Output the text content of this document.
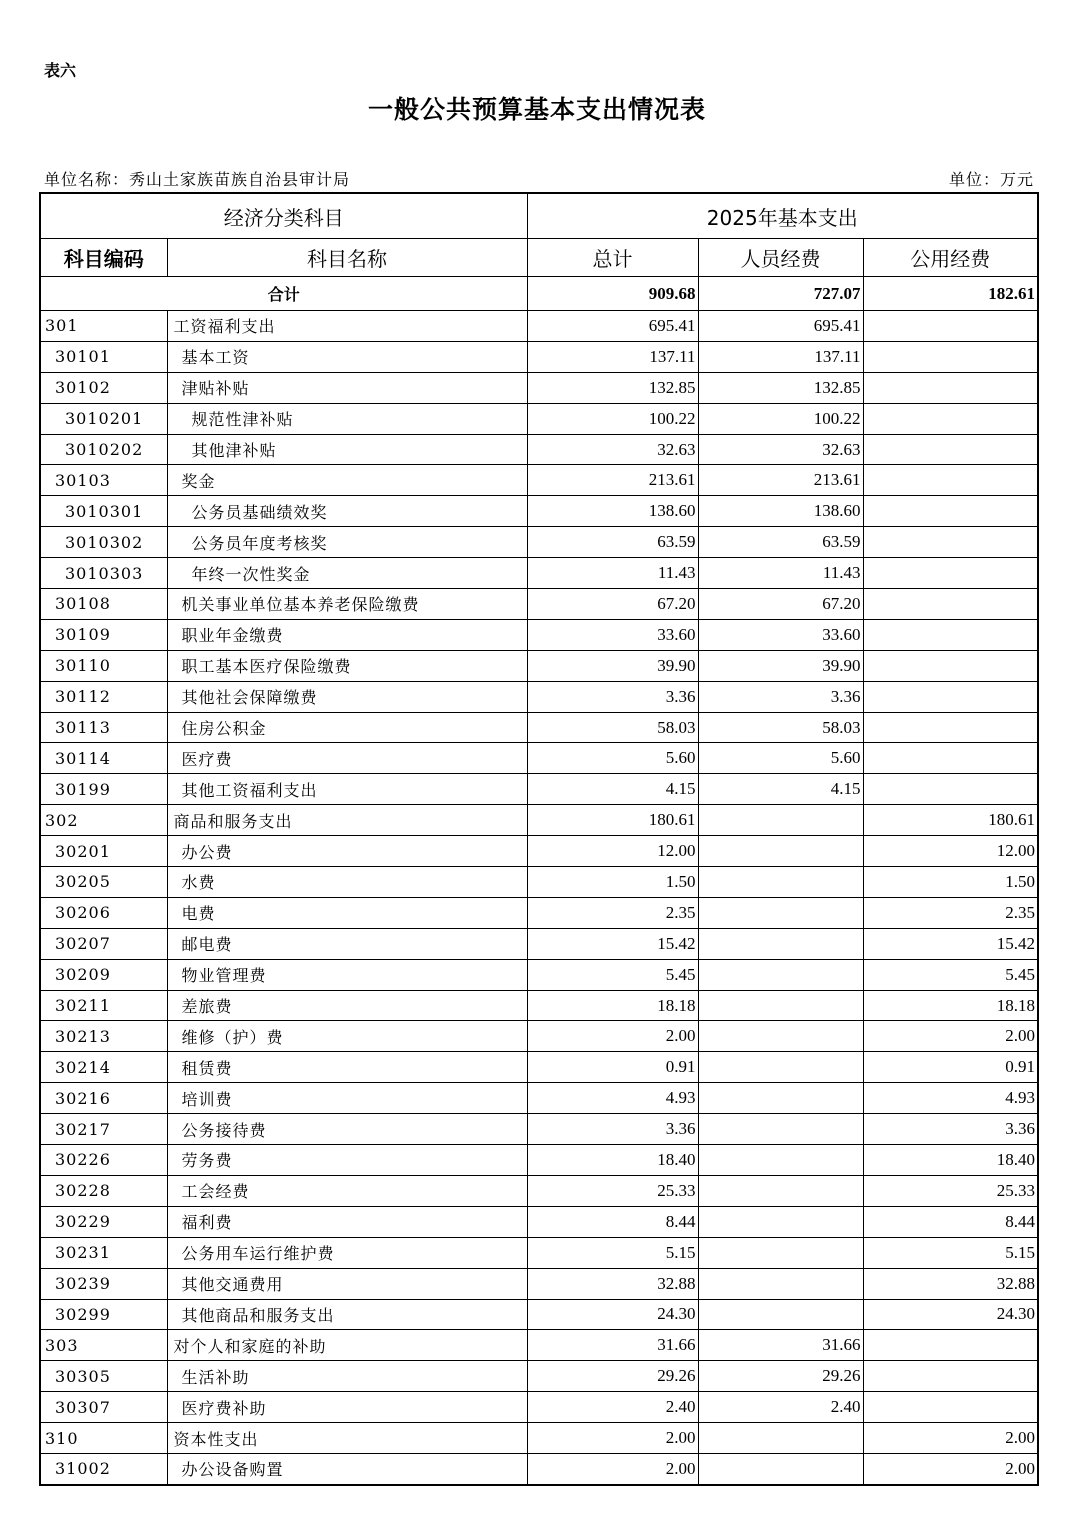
表六
一般公共预算基本支出情况表
单位名称：秀山土家族苗族自治县审计局	单位：万元
经济分类科目		2025年基本支出		
科目编码	科目名称	总计	人员经费	公用经费
合计		909.68	727.07	182.61
301	工资福利支出	695.41	695.41	
30101	基本工资	137.11	137.11	
30102	津贴补贴	132.85	132.85	
3010201	规范性津补贴	100.22	100.22	
3010202	其他津补贴	32.63	32.63	
30103	奖金	213.61	213.61	
3010301	公务员基础绩效奖	138.60	138.60	
3010302	公务员年度考核奖	63.59	63.59	
3010303	年终一次性奖金	11.43	11.43	
30108	机关事业单位基本养老保险缴费	67.20	67.20	
30109	职业年金缴费	33.60	33.60	
30110	职工基本医疗保险缴费	39.90	39.90	
30112	其他社会保障缴费	3.36	3.36	
30113	住房公积金	58.03	58.03	
30114	医疗费	5.60	5.60	
30199	其他工资福利支出	4.15	4.15	
302	商品和服务支出	180.61		180.61
30201	办公费	12.00		12.00
30205	水费	1.50		1.50
30206	电费	2.35		2.35
30207	邮电费	15.42		15.42
30209	物业管理费	5.45		5.45
30211	差旅费	18.18		18.18
30213	维修（护）费	2.00		2.00
30214	租赁费	0.91		0.91
30216	培训费	4.93		4.93
30217	公务接待费	3.36		3.36
30226	劳务费	18.40		18.40
30228	工会经费	25.33		25.33
30229	福利费	8.44		8.44
30231	公务用车运行维护费	5.15		5.15
30239	其他交通费用	32.88		32.88
30299	其他商品和服务支出	24.30		24.30
303	对个人和家庭的补助	31.66	31.66	
30305	生活补助	29.26	29.26	
30307	医疗费补助	2.40	2.40	
310	资本性支出	2.00		2.00
31002	办公设备购置	2.00		2.00
